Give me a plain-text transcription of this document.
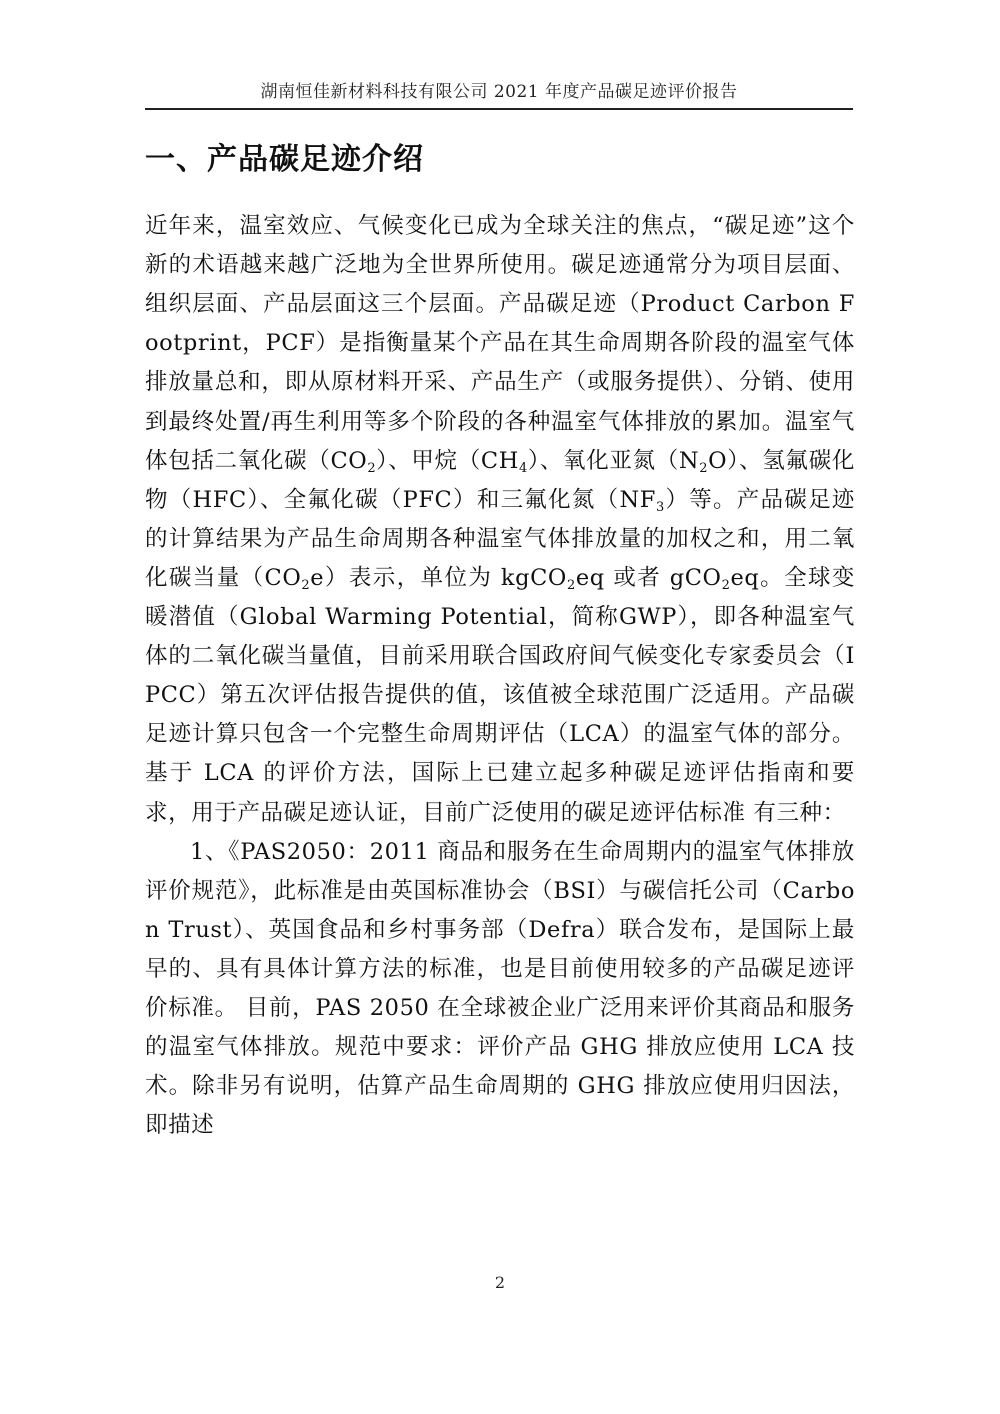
湖南恒佳新材料科技有限公司 2021 年度产品碳足迹评价报告
一、产品碳足迹介绍

近年来，温室效应、气候变化已成为全球关注的焦点，“碳足迹”这个新的术语越来越广泛地为全世界所使用。碳足迹通常分为项目层面、组织层面、产品层面这三个层面。产品碳足迹（Product Carbon Footprint，PCF）是指衡量某个产品在其生命周期各阶段的温室气体排放量总和，即从原材料开采、产品生产（或服务提供）、分销、使用到最终处置/再生利用等多个阶段的各种温室气体排放的累加。温室气体包括二氧化碳$(CO_2)$、甲烷$(CH_4)$、氧化亚氮$(N_2O)$、氢氟碳化物（HFC）、全氟化碳（PFC）和三氟化氮$(NF_3)$等。产品碳足迹的计算结果为产品生命周期各种温室气体排放量的加权之和，用二氧化碳当量$(CO_2e)$表示，单位为 kgCO$_2$eq 或者 gCO$_2$eq。全球变暖潜值（Global Warming Potential，简称GWP），即各种温室气体的二氧化碳当量值，目前采用联合国政府间气候变化专家委员会（IPCC）第五次评估报告提供的值，该值被全球范围广泛适用。产品碳足迹计算只包含一个完整生命周期评估（LCA）的温室气体的部分。基于 LCA 的评价方法，国际上已建立起多种碳足迹评估指南和要求，用于产品碳足迹认证，目前广泛使用的碳足迹评估标准 有三种：

1、《PAS2050：2011 商品和服务在生命周期内的温室气体排放评价规范》，此标准是由英国标准协会（BSI）与碳信托公司（Carbon Trust）、英国食品和乡村事务部（Defra）联合发布，是国际上最早的、具有具体计算方法的标准，也是目前使用较多的产品碳足迹评价标准。 目前，PAS 2050 在全球被企业广泛用来评价其商品和服务的温室气体排放。规范中要求：评价产品 GHG 排放应使用 LCA 技术。除非另有说明，估算产品生命周期的 GHG 排放应使用归因法，即描述

2
